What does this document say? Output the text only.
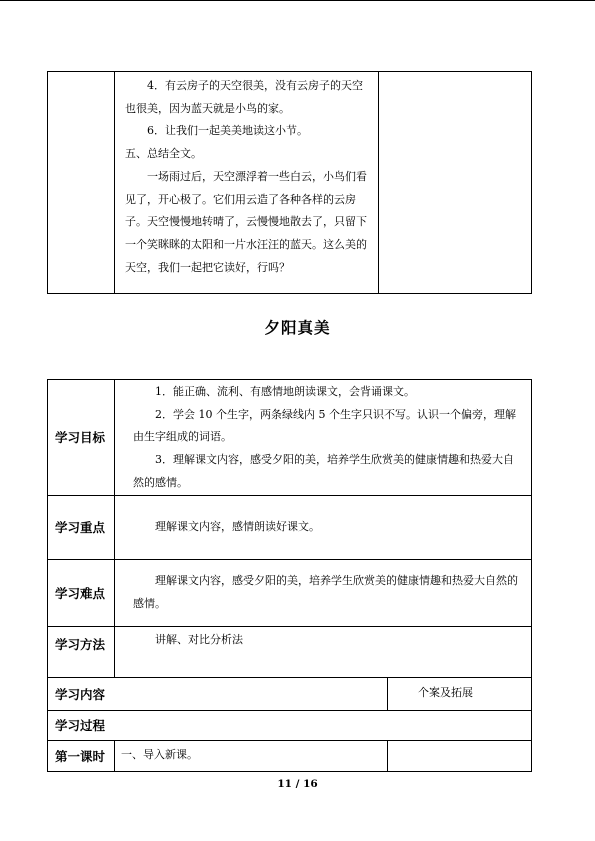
4．有云房子的天空很美，没有云房子的天空也很美，因为蓝天就是小鸟的家。

6．让我们一起美美地读这小节。

五、总结全文。

一场雨过后，天空漂浮着一些白云，小鸟们看见了，开心极了。它们用云造了各种各样的云房子。天空慢慢地转晴了，云慢慢地散去了，只留下一个笑眯眯的太阳和一片水汪汪的蓝天。这么美的天空，我们一起把它读好，行吗？

夕阳真美
学习目标	1．能正确、流利、有感情地朗读课文，会背诵课文。

2．学会 10 个生字，两条绿线内 5 个生字只识不写。认识一个偏旁，理解由生字组成的词语。

3．理解课文内容，感受夕阳的美，培养学生欣赏美的健康情趣和热爱大自然的感情。	

学习重点	理解课文内容，感情朗读好课文。	

学习难点	理解课文内容，感受夕阳的美，培养学生欣赏美的健康情趣和热爱大自然的感情。	

学习方法	讲解、对比分析法	

学习内容		个案及拓展

学习过程		
第一课时	一、导入新课。	

11 / 16
